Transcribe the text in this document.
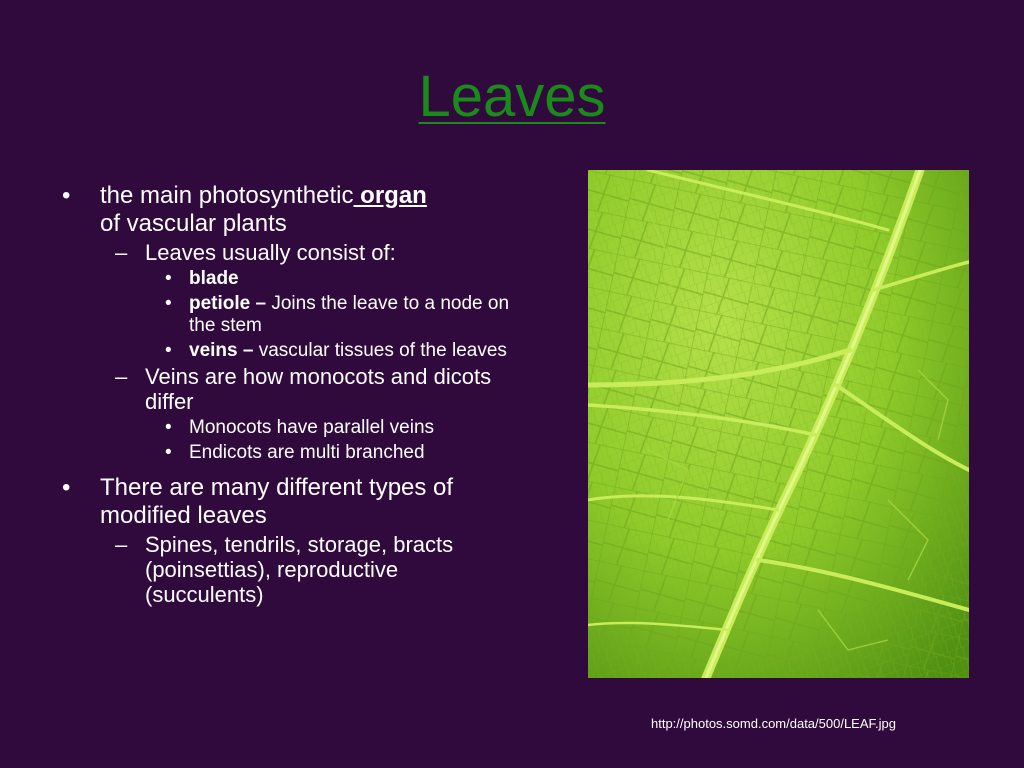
Leaves
• the main photosynthetic organ
of vascular plants
– Leaves usually consist of:
• blade
• petiole – Joins the leave to a node on the stem
• veins – vascular tissues of the leaves
– Veins are how monocots and dicots differ
• Monocots have parallel veins
• Endicots are multi branched
• There are many different types of modified leaves
– Spines, tendrils, storage, bracts (poinsettias), reproductive (succulents)
http://photos.somd.com/data/500/LEAF.jpg
